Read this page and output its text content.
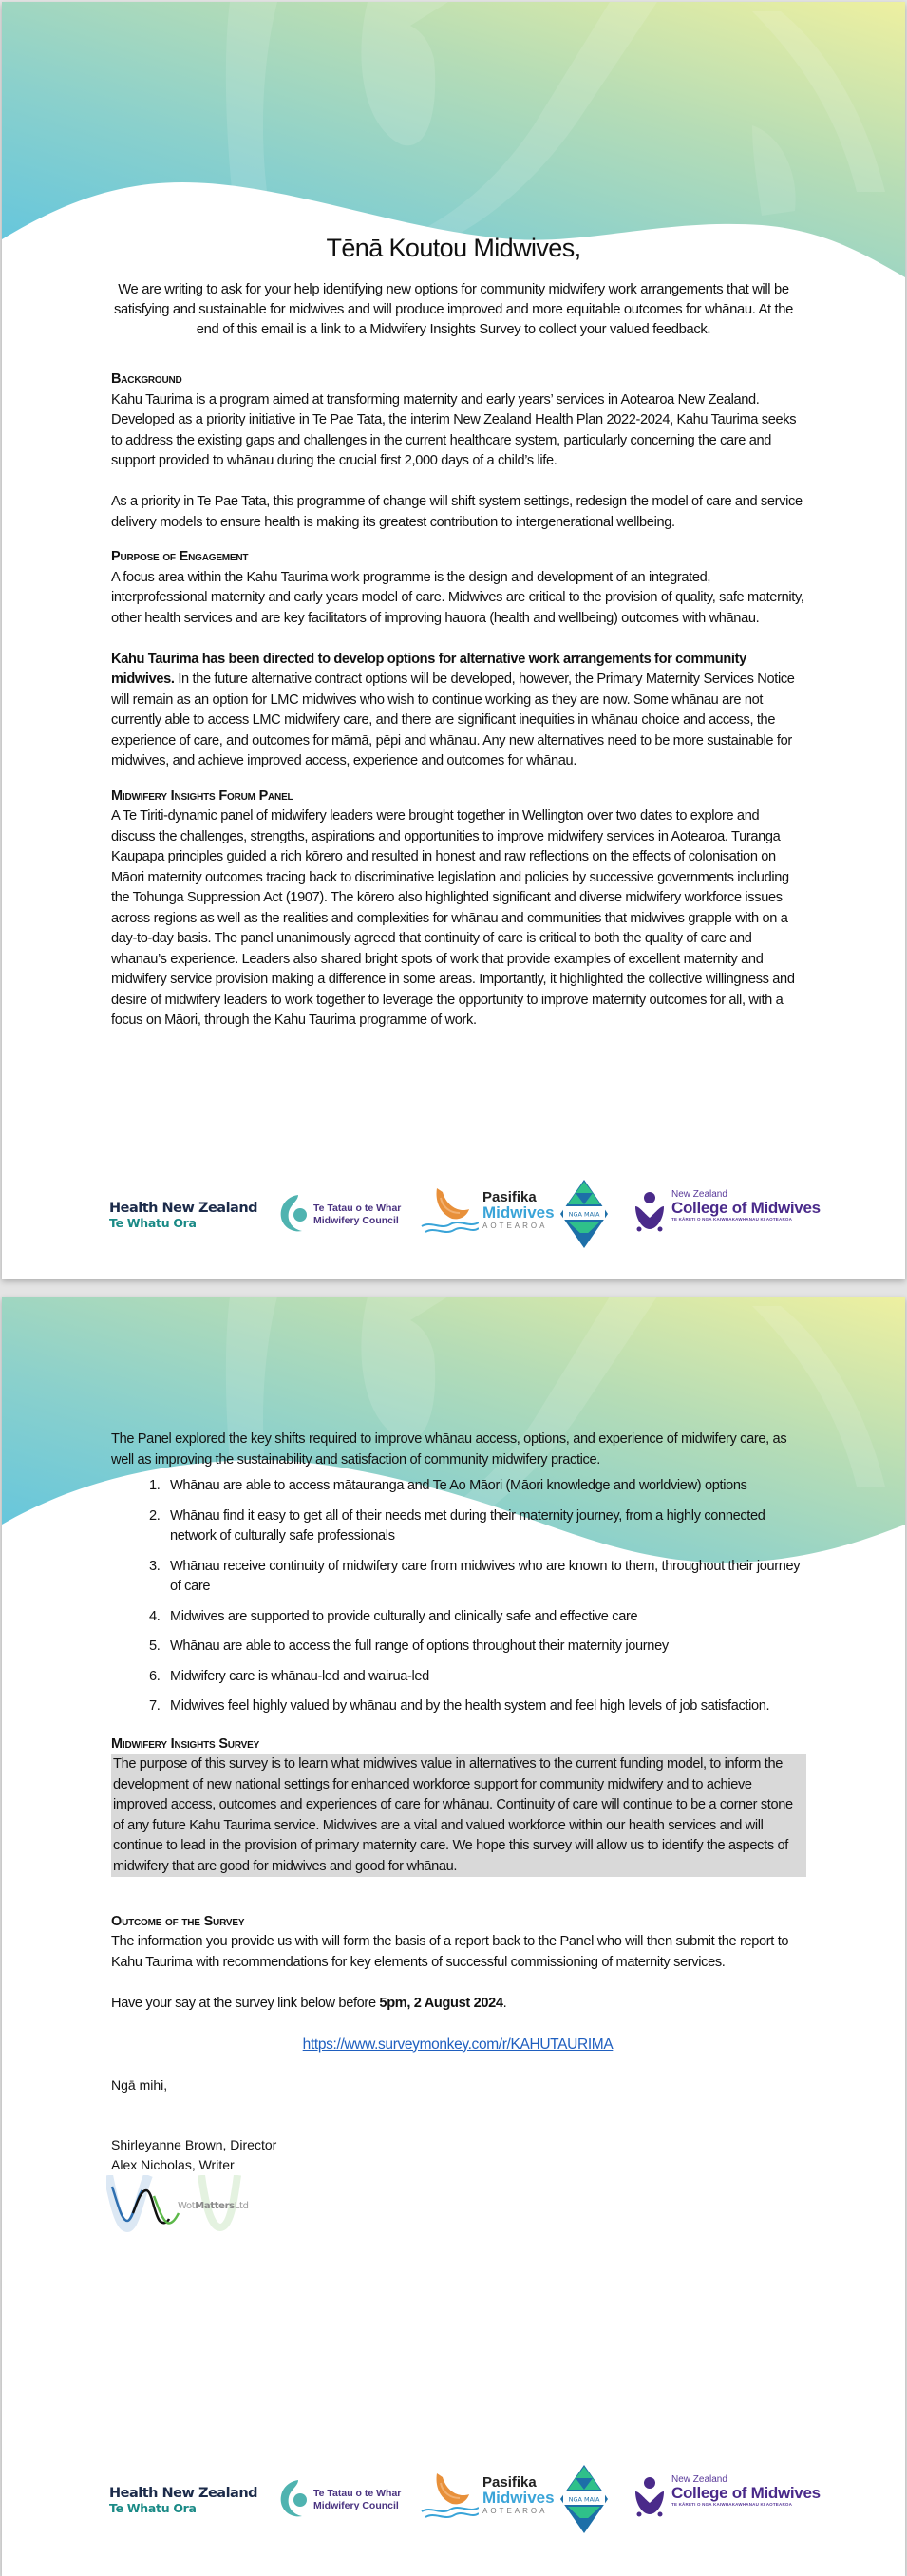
Tēnā Koutou Midwives,

We are writing to ask for your help identifying new options for community midwifery work arrangements that will be satisfying and sustainable for midwives and will produce improved and more equitable outcomes for whānau. At the end of this email is a link to a Midwifery Insights Survey to collect your valued feedback.

Background

Kahu Taurima is a program aimed at transforming maternity and early years’ services in Aotearoa New Zealand. Developed as a priority initiative in Te Pae Tata, the interim New Zealand Health Plan 2022-2024, Kahu Taurima seeks to address the existing gaps and challenges in the current healthcare system, particularly concerning the care and support provided to whānau during the crucial first 2,000 days of a child’s life.

As a priority in Te Pae Tata, this programme of change will shift system settings, redesign the model of care and service delivery models to ensure health is making its greatest contribution to intergenerational wellbeing.

Purpose of Engagement

A focus area within the Kahu Taurima work programme is the design and development of an integrated, interprofessional maternity and early years model of care. Midwives are critical to the provision of quality, safe maternity, other health services and are key facilitators of improving hauora (health and wellbeing) outcomes with whānau.

Kahu Taurima has been directed to develop options for alternative work arrangements for community midwives. In the future alternative contract options will be developed, however, the Primary Maternity Services Notice will remain as an option for LMC midwives who wish to continue working as they are now. Some whānau are not currently able to access LMC midwifery care, and there are significant inequities in whānau choice and access, the experience of care, and outcomes for māmā, pēpi and whānau. Any new alternatives need to be more sustainable for midwives, and achieve improved access, experience and outcomes for whānau.

Midwifery Insights Forum Panel

A Te Tiriti-dynamic panel of midwifery leaders were brought together in Wellington over two dates to explore and discuss the challenges, strengths, aspirations and opportunities to improve midwifery services in Aotearoa. Turanga Kaupapa principles guided a rich kōrero and resulted in honest and raw reflections on the effects of colonisation on Māori maternity outcomes tracing back to discriminative legislation and policies by successive governments including the Tohunga Suppression Act (1907). The kōrero also highlighted significant and diverse midwifery workforce issues across regions as well as the realities and complexities for whānau and communities that midwives grapple with on a day-to-day basis. The panel unanimously agreed that continuity of care is critical to both the quality of care and whanau’s experience. Leaders also shared bright spots of work that provide examples of excellent maternity and midwifery service provision making a difference in some areas. Importantly, it highlighted the collective willingness and desire of midwifery leaders to work together to leverage the opportunity to improve maternity outcomes for all, with a focus on Māori, through the Kahu Taurima programme of work.

Health New Zealand
Te Whatu Ora
Te Tatau o te Whar
Midwifery Council
Pasifika
Midwives
AOTEAROA
NGA MAIA
New Zealand
College of Midwives
TE KĀRETI O NGA KAIWHAKAWHANAU KI AOTEAROA

The Panel explored the key shifts required to improve whānau access, options, and experience of midwifery care, as well as improving the sustainability and satisfaction of community midwifery practice.

1. Whānau are able to access mātauranga and Te Ao Māori (Māori knowledge and worldview) options
2. Whānau find it easy to get all of their needs met during their maternity journey, from a highly connected network of culturally safe professionals
3. Whānau receive continuity of midwifery care from midwives who are known to them, throughout their journey of care
4. Midwives are supported to provide culturally and clinically safe and effective care
5. Whānau are able to access the full range of options throughout their maternity journey
6. Midwifery care is whānau-led and wairua-led
7. Midwives feel highly valued by whānau and by the health system and feel high levels of job satisfaction.

Midwifery Insights Survey

The purpose of this survey is to learn what midwives value in alternatives to the current funding model, to inform the development of new national settings for enhanced workforce support for community midwifery and to achieve improved access, outcomes and experiences of care for whānau. Continuity of care will continue to be a corner stone of any future Kahu Taurima service. Midwives are a vital and valued workforce within our health services and will continue to lead in the provision of primary maternity care. We hope this survey will allow us to identify the aspects of midwifery that are good for midwives and good for whānau.

Outcome of the Survey

The information you provide us with will form the basis of a report back to the Panel who will then submit the report to Kahu Taurima with recommendations for key elements of successful commissioning of maternity services.

Have your say at the survey link below before 5pm, 2 August 2024.

https://www.surveymonkey.com/r/KAHUTAURIMA

Ngā mihi,

Shirleyanne Brown, Director

Alex Nicholas, Writer

WotMattersLtd
Health New Zealand
Te Whatu Ora
Te Tatau o te Whar
Midwifery Council
Pasifika
Midwives
AOTEAROA
NGA MAIA
New Zealand
College of Midwives
TE KĀRETI O NGA KAIWHAKAWHANAU KI AOTEAROA
